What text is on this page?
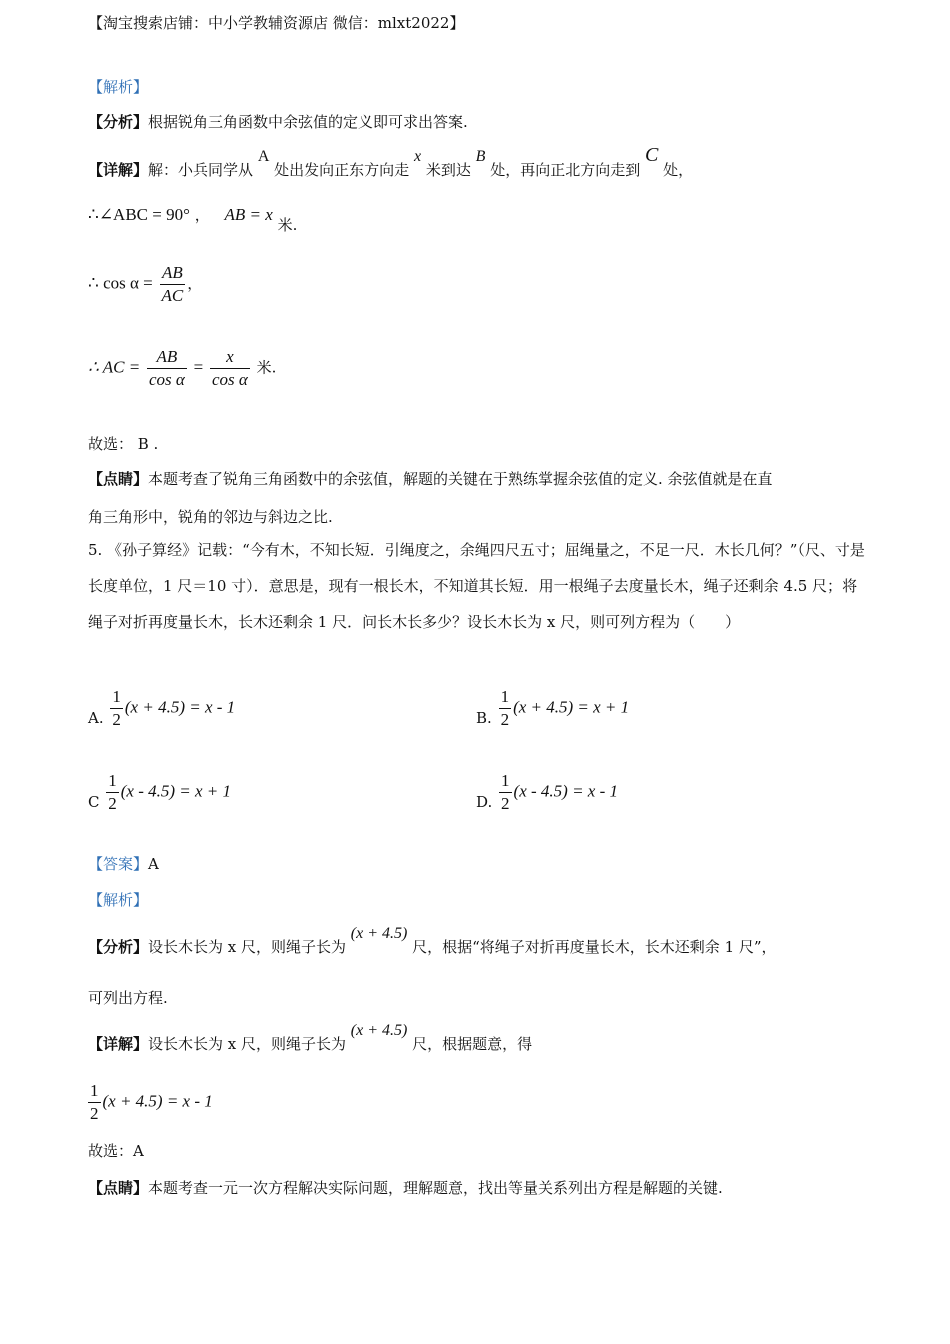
【淘宝搜索店铺：中小学教辅资源店 微信：mlxt2022】
【解析】
【分析】根据锐角三角函数中余弦值的定义即可求出答案.
【详解】解：小兵同学从 A 处出发向正东方向走 x 米到达 B 处，再向正北方向走到 C 处，
∴∠ABC = 90° ， AB = x 米.
∴ $\cos \alpha = \frac{AB}{AC}$ ，
∴ AC = $\frac{AB}{\text{cos α}} = \frac{x}{\text{cos α}}$ 米.
故选： B .
【点睛】本题考查了锐角三角函数中的余弦值，解题的关键在于熟练掌握余弦值的定义. 余弦值就是在直
角三角形中，锐角的邻边与斜边之比.
5. 《孙子算经》记载：“今有木，不知长短．引绳度之，余绳四尺五寸；屈绳量之，不足一尺．木长几何？”（尺、寸是长度单位，1 尺＝10 寸）．意思是，现有一根长木，不知道其长短．用一根绳子去度量长木，绳子还剩余 4.5 尺；将绳子对折再度量长木，长木还剩余 1 尺．问长木长多少？设长木长为 x 尺，则可列方程为（　　）
A. $\frac{1}{2} (x + 4.5) = x - 1$
B. $\frac{1}{2} (x + 4.5) = x + 1$
C $\frac{1}{2} (x - 4.5) = x + 1$
D. $\frac{1}{2} (x - 4.5) = x - 1$
【答案】A
【解析】
【分析】设长木长为 x 尺，则绳子长为 (x + 4.5) 尺，根据“将绳子对折再度量长木，长木还剩余 1 尺”，
可列出方程.
【详解】设长木长为 x 尺，则绳子长为 (x + 4.5) 尺，根据题意，得
$\frac{1}{2} (x + 4.5) = x - 1$
故选：A
【点睛】本题考查一元一次方程解决实际问题，理解题意，找出等量关系列出方程是解题的关键.
